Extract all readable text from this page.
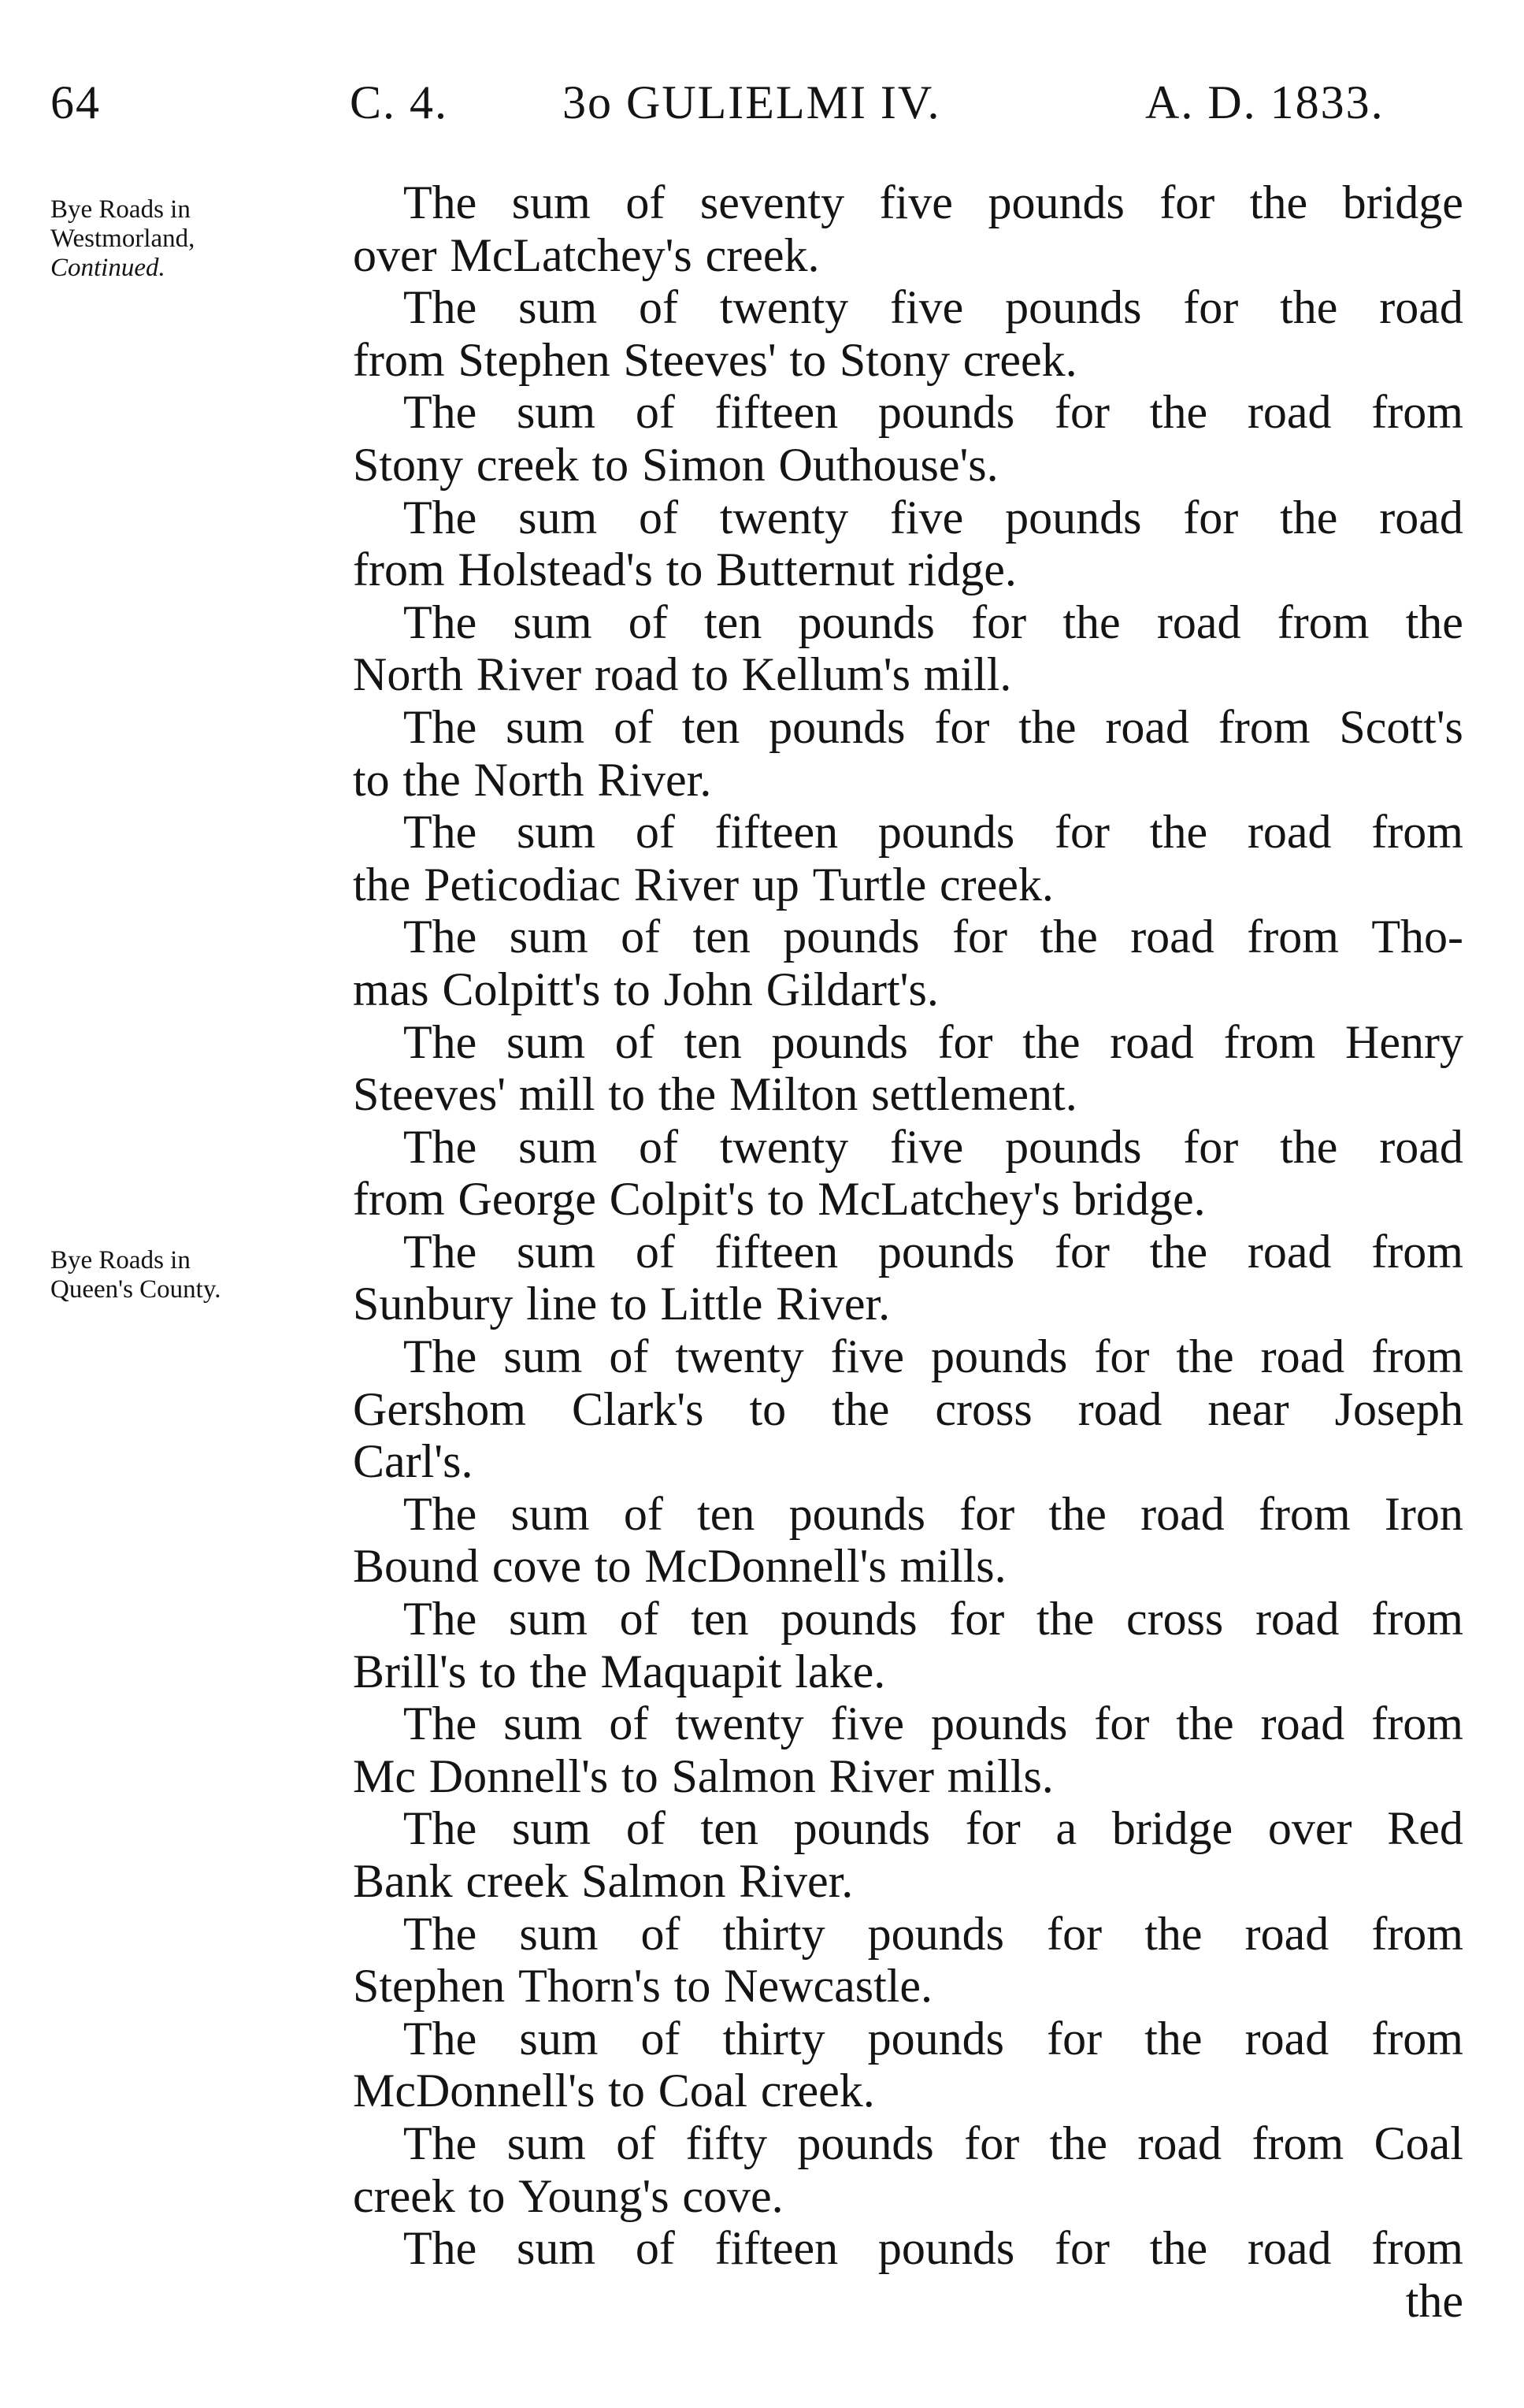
64	C. 4. 3o GULIELMI IV.	A. D. 1833.
Bye Roads in
Westmorland,
Continued.
Bye Roads in
Queen's County.
The sum of seventy five pounds for the bridge
over McLatchey's creek.
The sum of twenty five pounds for the road
from Stephen Steeves' to Stony creek.
The sum of fifteen pounds for the road from
Stony creek to Simon Outhouse's.
The sum of twenty five pounds for the road
from Holstead's to Butternut ridge.
The sum of ten pounds for the road from the
North River road to Kellum's mill.
The sum of ten pounds for the road from Scott's
to the North River.
The sum of fifteen pounds for the road from
the Peticodiac River up Turtle creek.
The sum of ten pounds for the road from Tho-
mas Colpitt's to John Gildart's.
The sum of ten pounds for the road from Henry
Steeves' mill to the Milton settlement.
The sum of twenty five pounds for the road
from George Colpit's to McLatchey's bridge.
The sum of fifteen pounds for the road from
Sunbury line to Little River.
The sum of twenty five pounds for the road from
Gershom Clark's to the cross road near Joseph
Carl's.
The sum of ten pounds for the road from Iron
Bound cove to McDonnell's mills.
The sum of ten pounds for the cross road from
Brill's to the Maquapit lake.
The sum of twenty five pounds for the road from
Mc Donnell's to Salmon River mills.
The sum of ten pounds for a bridge over Red
Bank creek Salmon River.
The sum of thirty pounds for the road from
Stephen Thorn's to Newcastle.
The sum of thirty pounds for the road from
McDonnell's to Coal creek.
The sum of fifty pounds for the road from Coal
creek to Young's cove.
The sum of fifteen pounds for the road from
the
